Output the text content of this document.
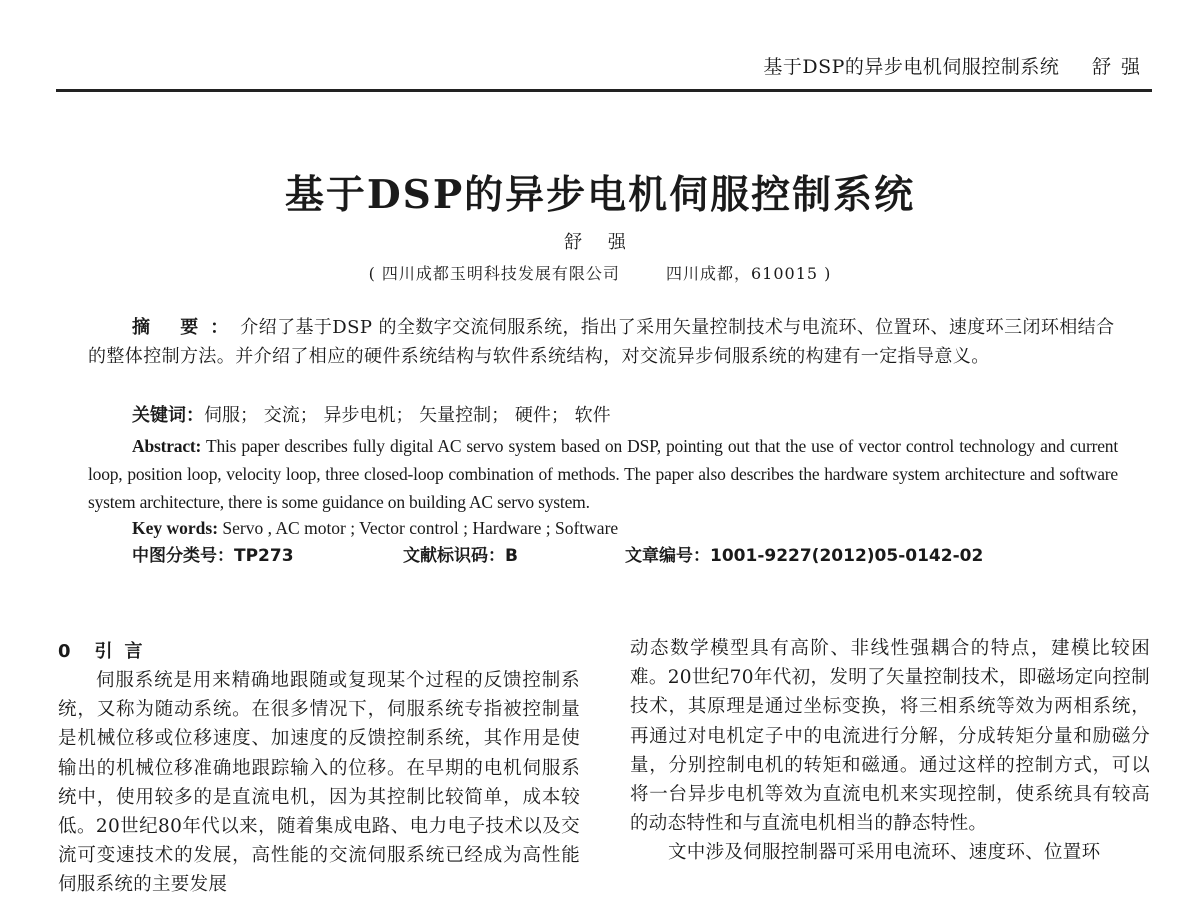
基于DSP的异步电机伺服控制系统 舒强
基于DSP的异步电机伺服控制系统
舒 强
( 四川成都玉明科技发展有限公司	四川成都，610015 )
摘 要：介绍了基于DSP 的全数字交流伺服系统，指出了采用矢量控制技术与电流环、位置环、速度环三闭环相结合的整体控制方法。并介绍了相应的硬件系统结构与软件系统结构，对交流异步伺服系统的构建有一定指导意义。
关键词：伺服； 交流； 异步电机； 矢量控制； 硬件； 软件
Abstract: This paper describes fully digital AC servo system based on DSP, pointing out that the use of vector control technology and current loop, position loop, velocity loop, three closed-loop combination of methods. The paper also describes the hardware system architecture and software system architecture, there is some guidance on building AC servo system.
Key words: Servo , AC motor ; Vector control ; Hardware ; Software
中图分类号：TP273	文献标识码：B	文章编号：1001-9227(2012)05-0142-02
0 引言
伺服系统是用来精确地跟随或复现某个过程的反馈控制系统，又称为随动系统。在很多情况下，伺服系统专指被控制量是机械位移或位移速度、加速度的反馈控制系统，其作用是使输出的机械位移准确地跟踪输入的位移。在早期的电机伺服系统中，使用较多的是直流电机，因为其控制比较简单，成本较低。20世纪80年代以来，随着集成电路、电力电子技术以及交流可变速技术的发展，高性能的交流伺服系统已经成为高性能伺服系统的主要发展

动态数学模型具有高阶、非线性强耦合的特点，建模比较困难。20世纪70年代初，发明了矢量控制技术，即磁场定向控制技术，其原理是通过坐标变换，将三相系统等效为两相系统，再通过对电机定子中的电流进行分解，分成转矩分量和励磁分量，分别控制电机的转矩和磁通。通过这样的控制方式，可以将一台异步电机等效为直流电机来实现控制，使系统具有较高的动态特性和与直流电机相当的静态特性。

文中涉及伺服控制器可采用电流环、速度环、位置环
